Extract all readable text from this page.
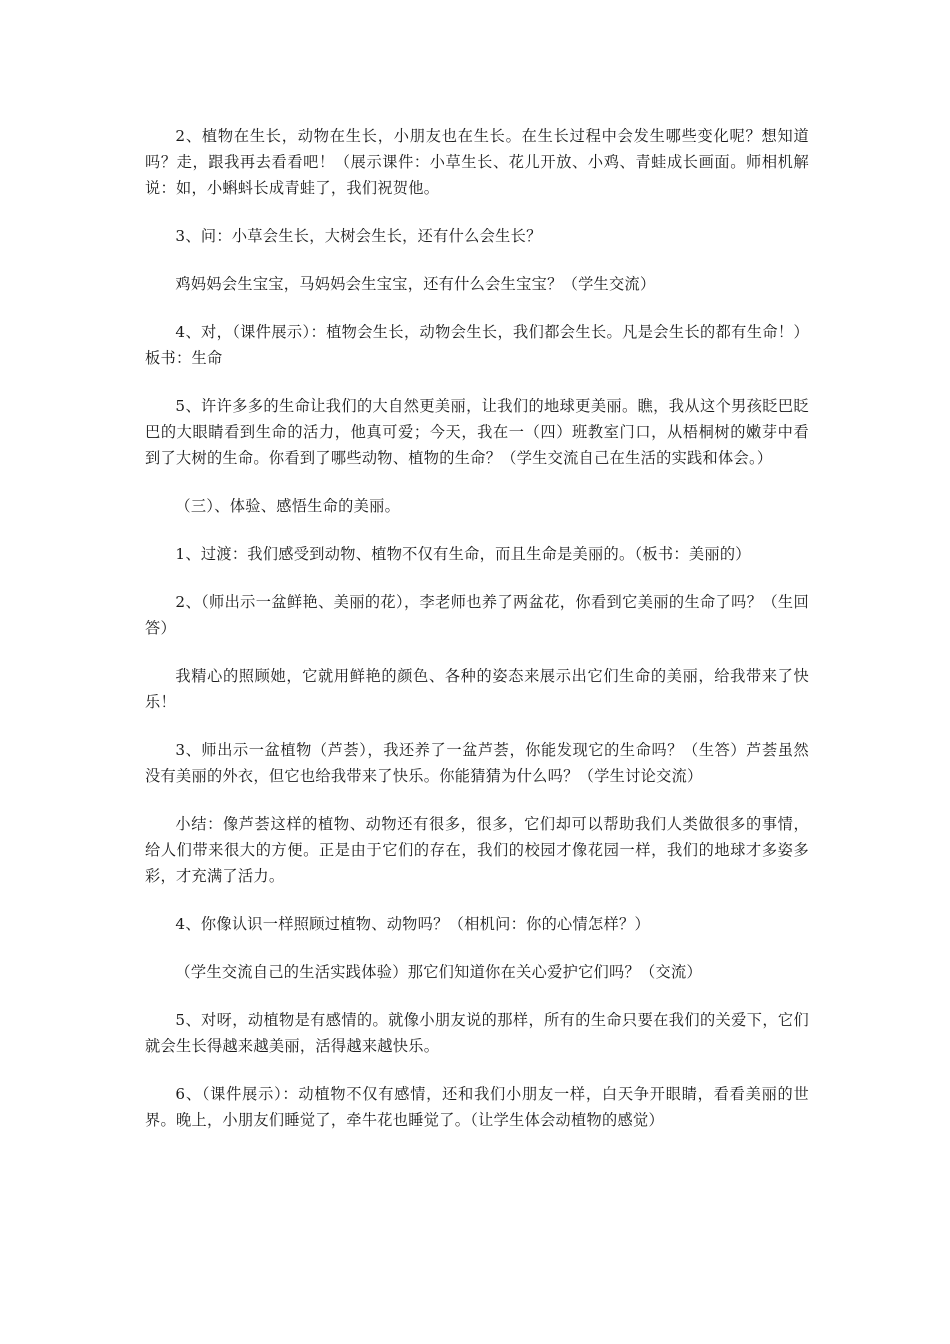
2、植物在生长，动物在生长，小朋友也在生长。在生长过程中会发生哪些变化呢？想知道吗？走，跟我再去看看吧！（展示课件：小草生长、花儿开放、小鸡、青蛙成长画面。师相机解说：如，小蝌蚪长成青蛙了，我们祝贺他。

3、问：小草会生长，大树会生长，还有什么会生长？

鸡妈妈会生宝宝，马妈妈会生宝宝，还有什么会生宝宝？（学生交流）

4、对，（课件展示）：植物会生长，动物会生长，我们都会生长。凡是会生长的都有生命！）板书：生命

5、许许多多的生命让我们的大自然更美丽，让我们的地球更美丽。瞧，我从这个男孩眨巴眨巴的大眼睛看到生命的活力，他真可爱；今天，我在一（四）班教室门口，从梧桐树的嫩芽中看到了大树的生命。你看到了哪些动物、植物的生命？（学生交流自己在生活的实践和体会。）

（三）、体验、感悟生命的美丽。

1、过渡：我们感受到动物、植物不仅有生命，而且生命是美丽的。（板书：美丽的）

2、（师出示一盆鲜艳、美丽的花），李老师也养了两盆花，你看到它美丽的生命了吗？（生回答）

我精心的照顾她，它就用鲜艳的颜色、各种的姿态来展示出它们生命的美丽，给我带来了快乐！

3、师出示一盆植物（芦荟），我还养了一盆芦荟，你能发现它的生命吗？（生答）芦荟虽然没有美丽的外衣，但它也给我带来了快乐。你能猜猜为什么吗？（学生讨论交流）

小结：像芦荟这样的植物、动物还有很多，很多，它们却可以帮助我们人类做很多的事情，给人们带来很大的方便。正是由于它们的存在，我们的校园才像花园一样，我们的地球才多姿多彩，才充满了活力。

4、你像认识一样照顾过植物、动物吗？（相机问：你的心情怎样？）

（学生交流自己的生活实践体验）那它们知道你在关心爱护它们吗？（交流）

5、对呀，动植物是有感情的。就像小朋友说的那样，所有的生命只要在我们的关爱下，它们就会生长得越来越美丽，活得越来越快乐。

6、（课件展示）：动植物不仅有感情，还和我们小朋友一样，白天争开眼睛，看看美丽的世界。晚上，小朋友们睡觉了，牵牛花也睡觉了。（让学生体会动植物的感觉）
